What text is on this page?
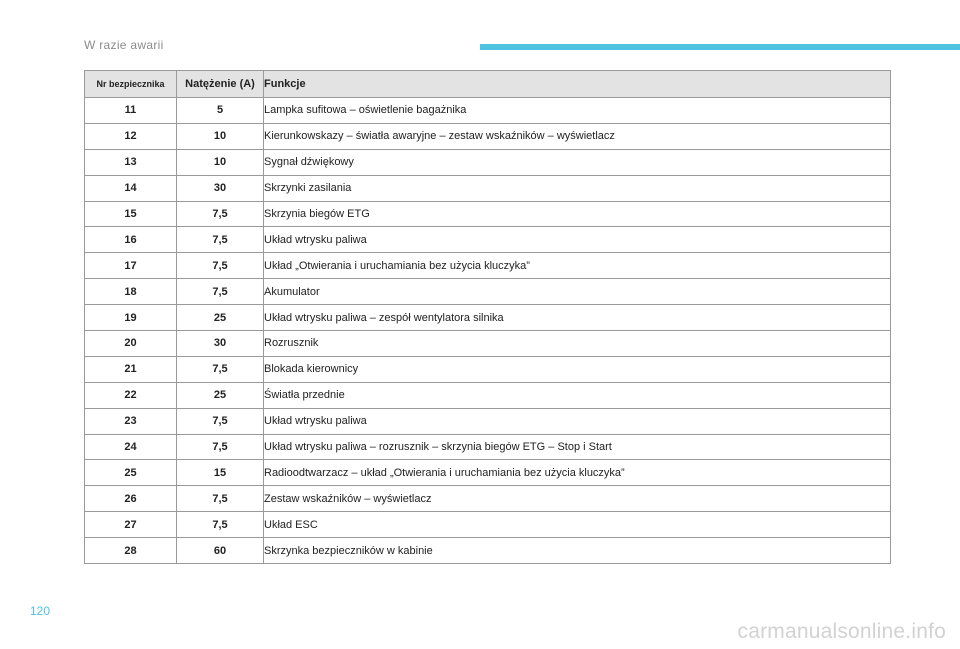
W razie awarii
Nr bezpiecznika	Natężenie (A)	Funkcje
11	5	Lampka sufitowa – oświetlenie bagażnika
12	10	Kierunkowskazy – światła awaryjne – zestaw wskaźników – wyświetlacz
13	10	Sygnał dźwiękowy
14	30	Skrzynki zasilania
15	7,5	Skrzynia biegów ETG
16	7,5	Układ wtrysku paliwa
17	7,5	Układ „Otwierania i uruchamiania bez użycia kluczyka”
18	7,5	Akumulator
19	25	Układ wtrysku paliwa – zespół wentylatora silnika
20	30	Rozrusznik
21	7,5	Blokada kierownicy
22	25	Światła przednie
23	7,5	Układ wtrysku paliwa
24	7,5	Układ wtrysku paliwa – rozrusznik – skrzynia biegów ETG – Stop i Start
25	15	Radioodtwarzacz – układ „Otwierania i uruchamiania bez użycia kluczyka”
26	7,5	Zestaw wskaźników – wyświetlacz
27	7,5	Układ ESC
28	60	Skrzynka bezpieczników w kabinie
120
carmanualsonline.info
